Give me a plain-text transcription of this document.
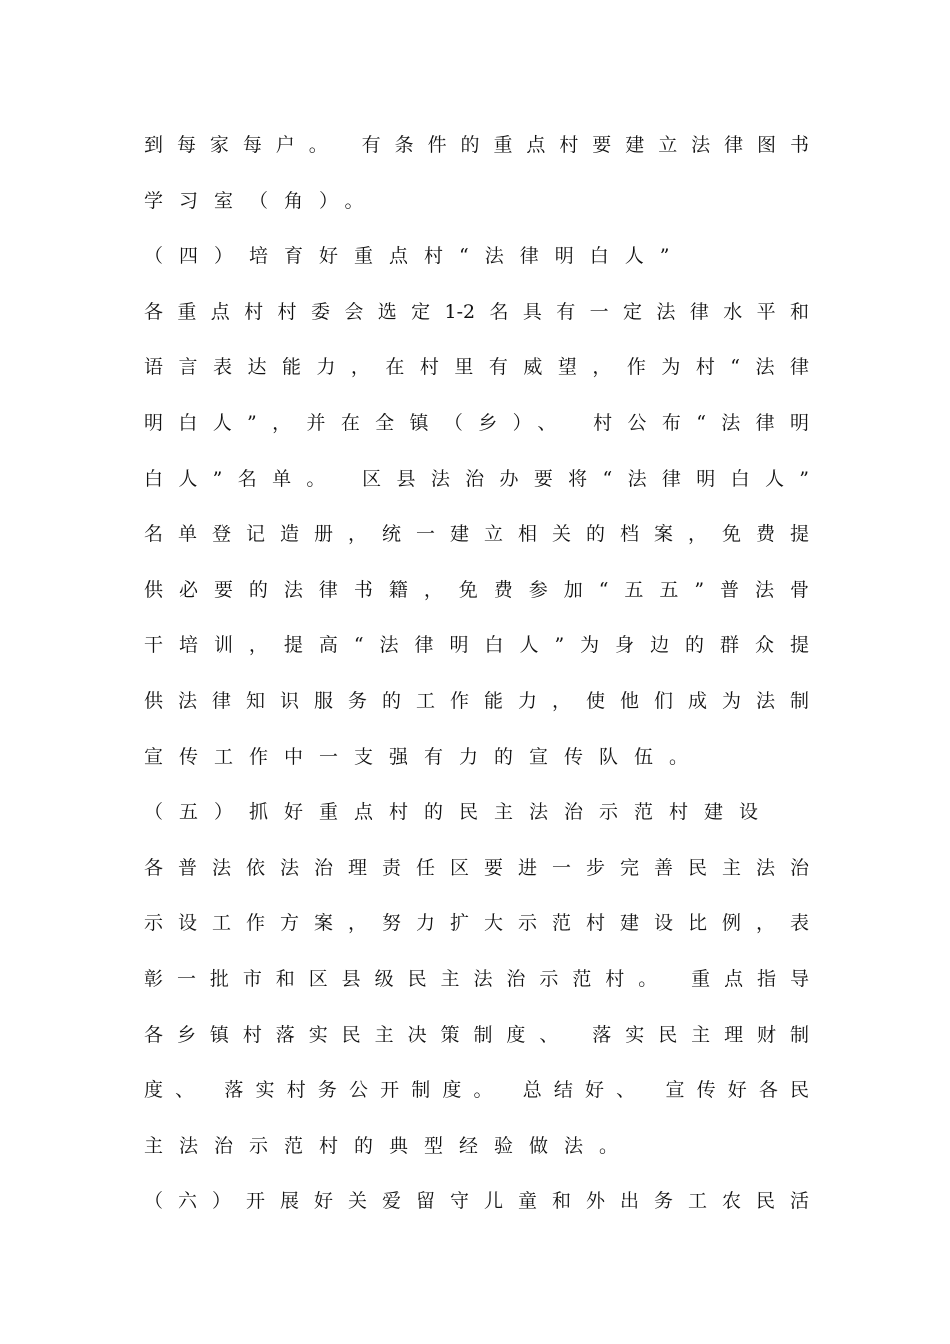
到每家每户。 有条件的重点村要建立法律图书
学习室（角）。
（四）培育好重点村“法律明白人”
各重点村村委会选定1-2名具有一定法律水平和
语言表达能力，在村里有威望，作为村“法律
明白人”，并在全镇（乡）、 村公布“法律明
白人”名单。 区县法治办要将“法律明白人”
名单登记造册，统一建立相关的档案，免费提
供必要的法律书籍，免费参加“五五”普法骨
干培训，提高“法律明白人”为身边的群众提
供法律知识服务的工作能力，使他们成为法制
宣传工作中一支强有力的宣传队伍。
（五）抓好重点村的民主法治示范村建设
各普法依法治理责任区要进一步完善民主法治
示设工作方案，努力扩大示范村建设比例，表
彰一批市和区县级民主法治示范村。 重点指导
各乡镇村落实民主决策制度、 落实民主理财制
度、 落实村务公开制度。 总结好、 宣传好各民
主法治示范村的典型经验做法。
（六）开展好关爱留守儿童和外出务工农民活
